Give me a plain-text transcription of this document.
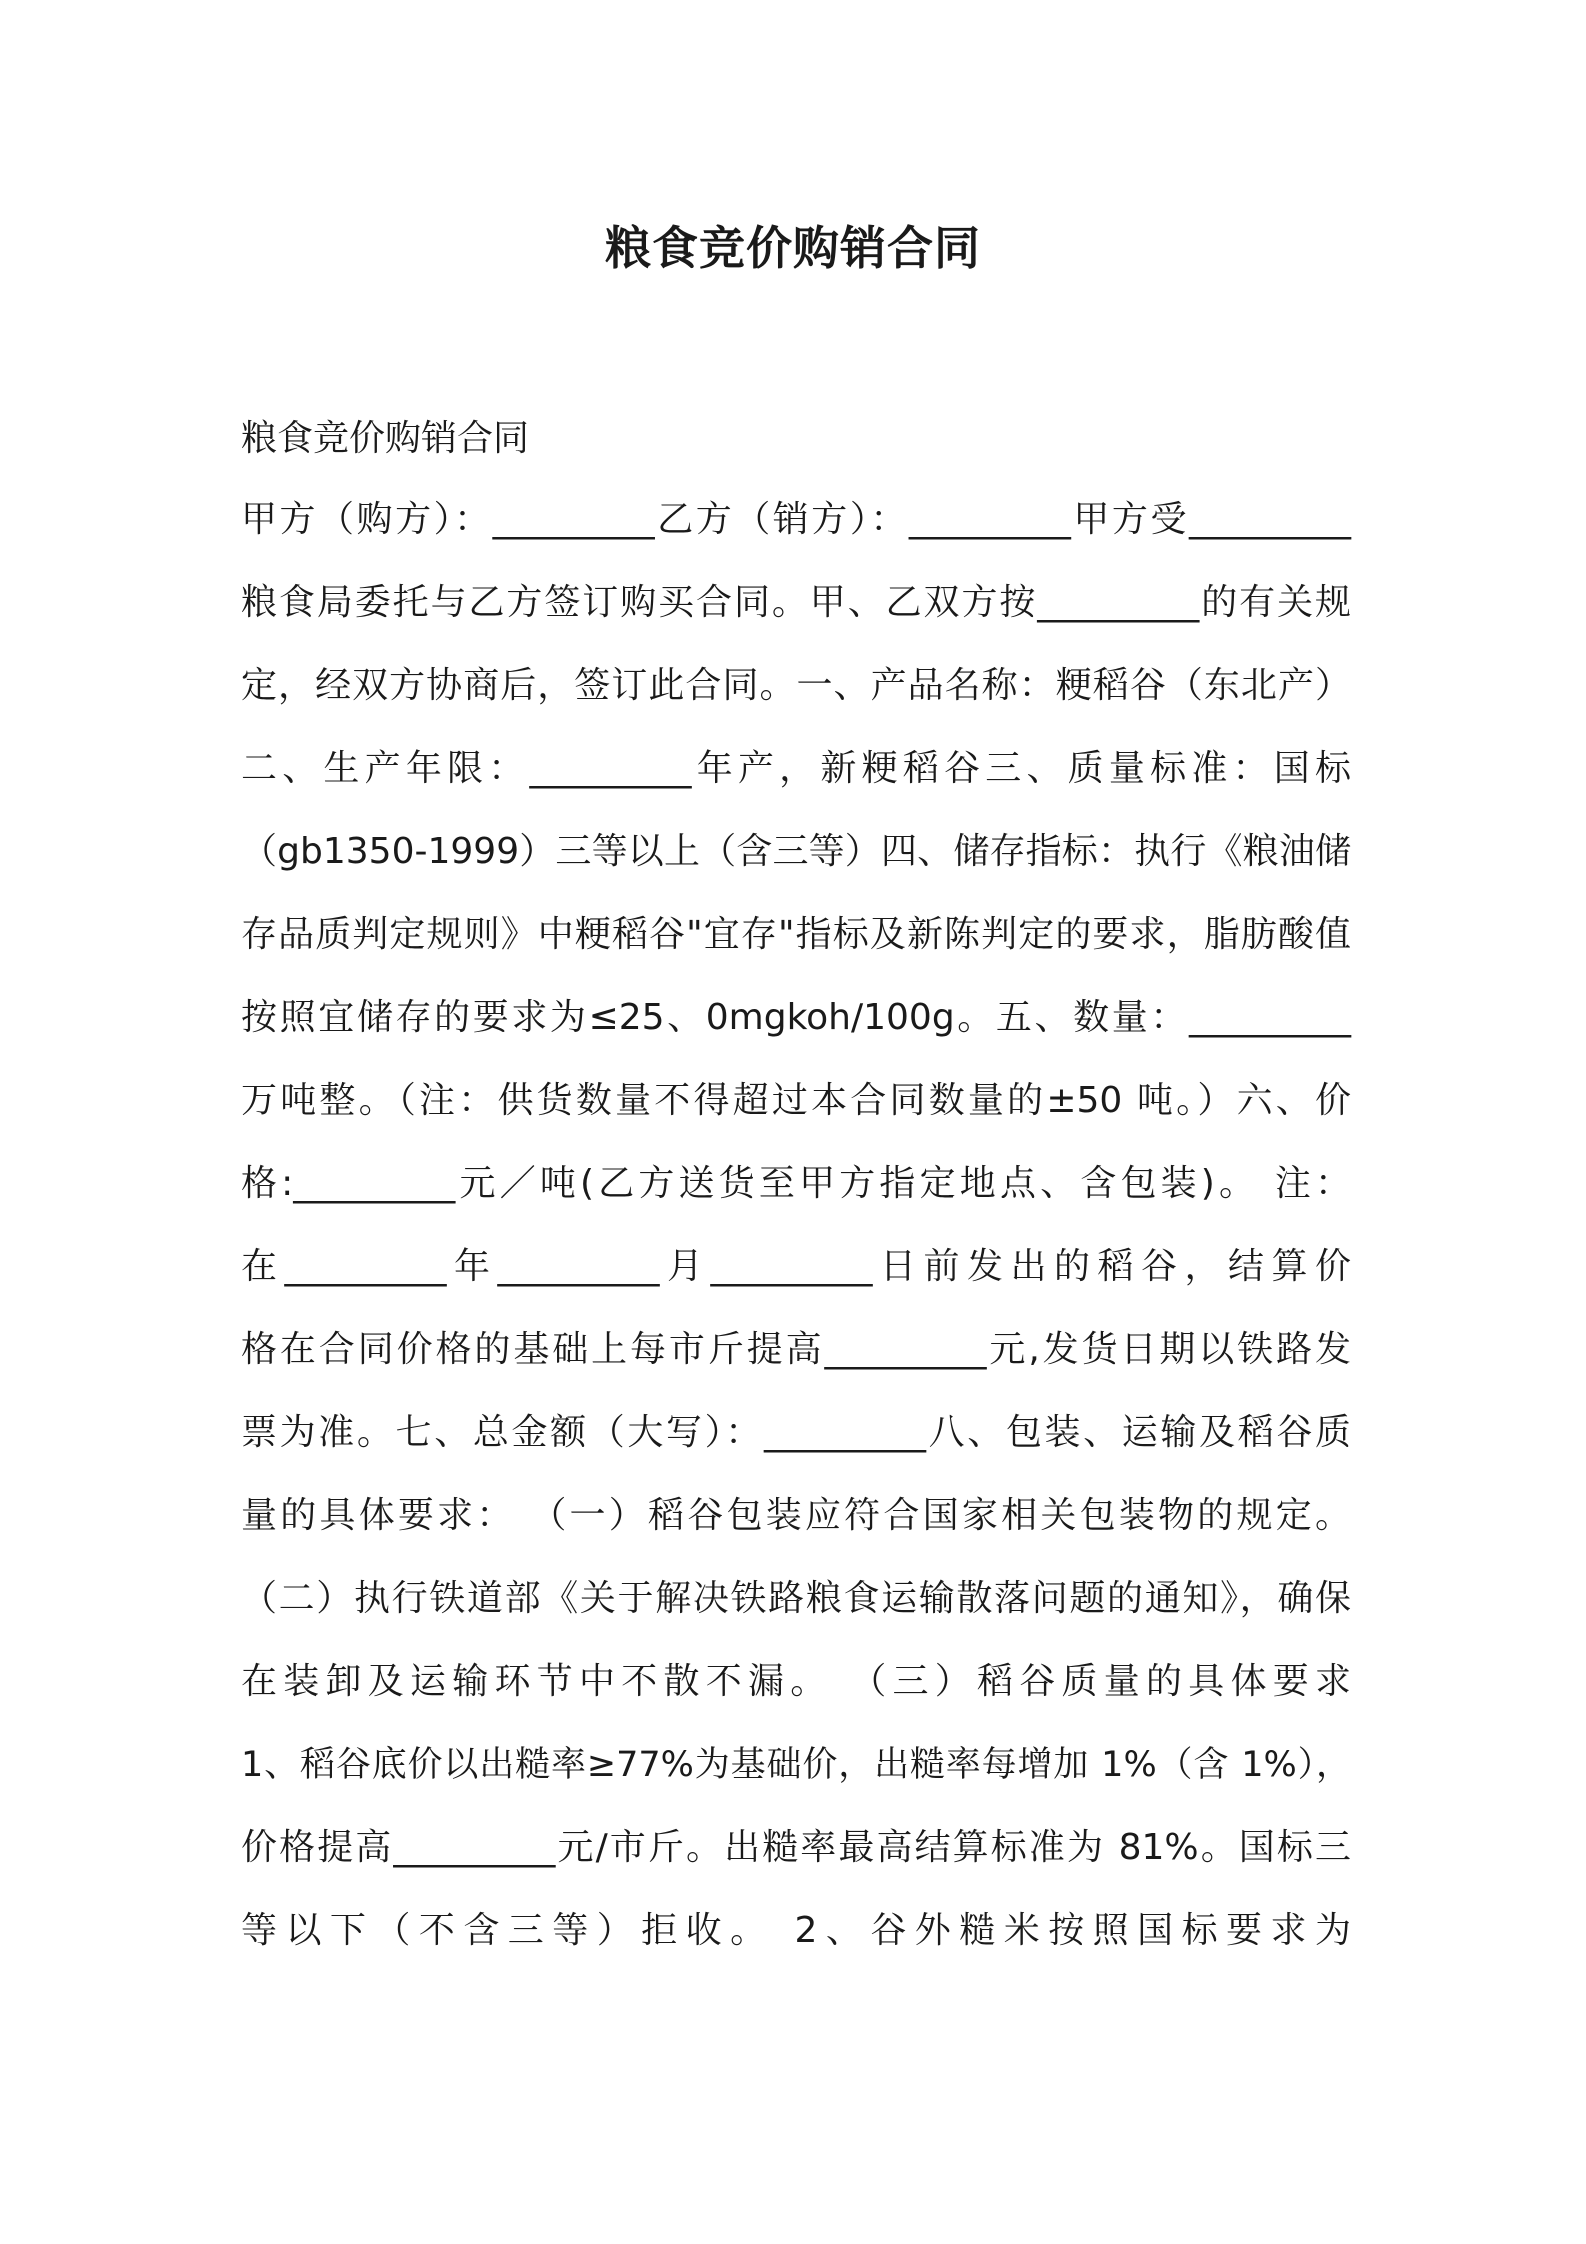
粮食竞价购销合同

粮食竞价购销合同

甲方（购方）：_________乙方（销方）：_________甲方受_________
粮食局委托与乙方签订购买合同。甲、乙双方按_________的有关规
定，经双方协商后，签订此合同。一、产品名称：粳稻谷（东北产）
二、生产年限：_________年产，新粳稻谷三、质量标准：国标
（gb1350-1999）三等以上（含三等）四、储存指标：执行《粮油储
存品质判定规则》中粳稻谷"宜存"指标及新陈判定的要求，脂肪酸值
按照宜储存的要求为≤25、0mgkoh/100g。五、数量：_________
万吨整。（注：供货数量不得超过本合同数量的±50 吨。）六、价
格:_________元／吨(乙方送货至甲方指定地点、含包装)。 注：
在_________年_________月_________日前发出的稻谷，结算价
格在合同价格的基础上每市斤提高_________元,发货日期以铁路发
票为准。七、总金额（大写）：_________八、包装、运输及稻谷质
量的具体要求： （一）稻谷包装应符合国家相关包装物的规定。
（二）执行铁道部《关于解决铁路粮食运输散落问题的通知》，确保
在装卸及运输环节中不散不漏。 （三）稻谷质量的具体要求
1、稻谷底价以出糙率≥77%为基础价，出糙率每增加 1%（含 1%），
价格提高_________元/市斤。出糙率最高结算标准为 81%。国标三
等以下（不含三等）拒收。 2、谷外糙米按照国标要求为
